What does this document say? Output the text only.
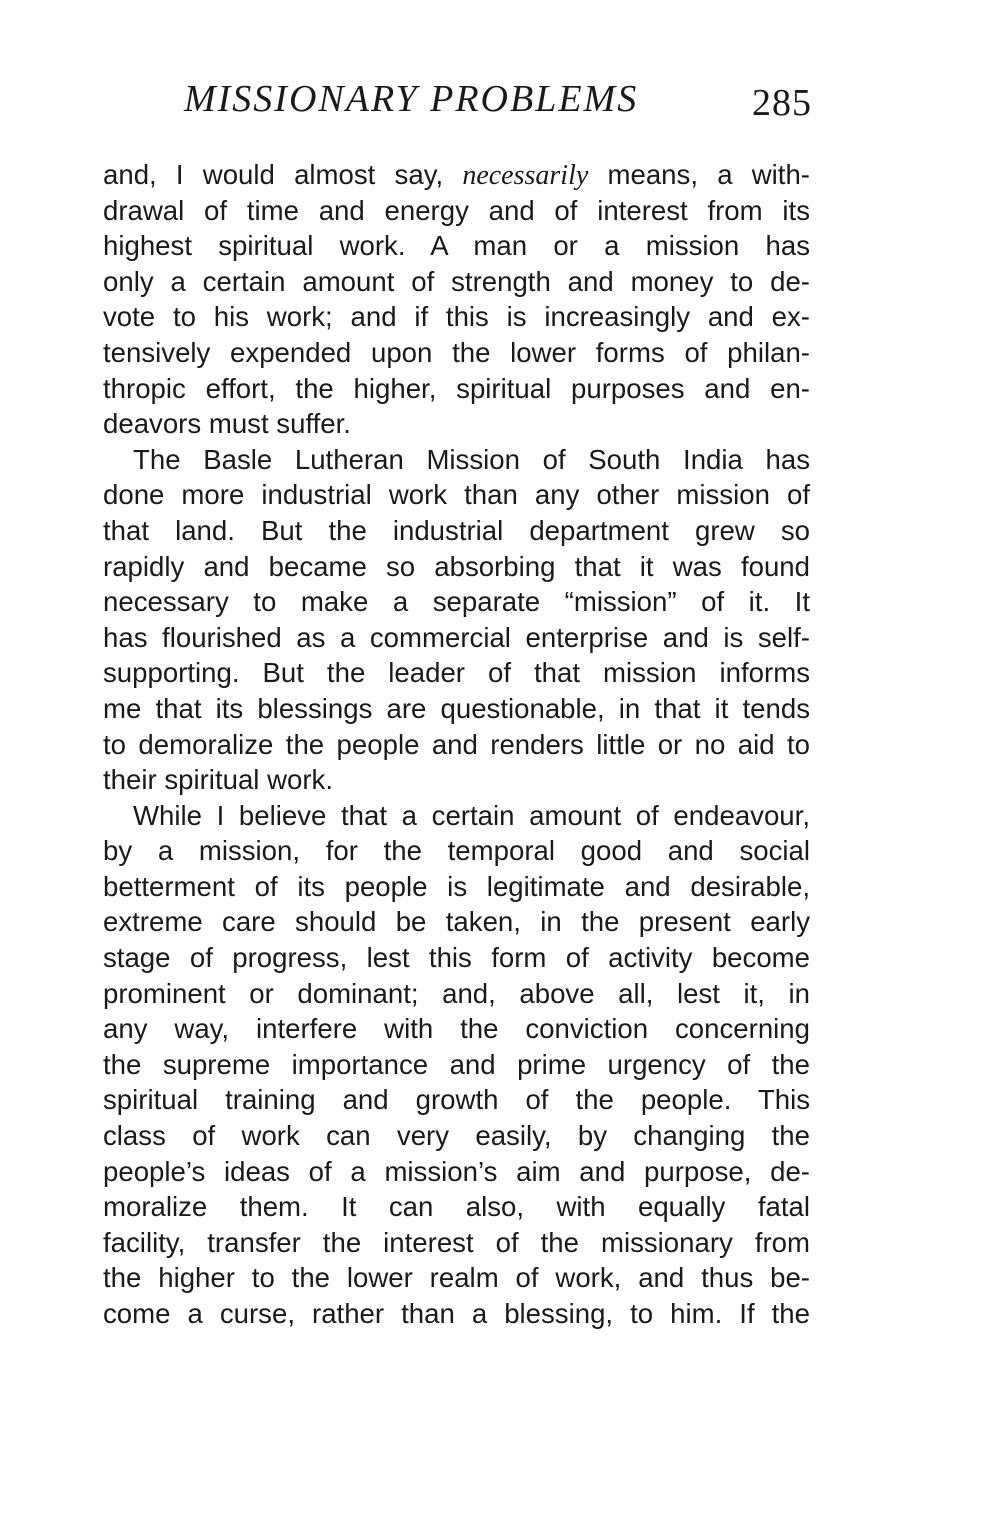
MISSIONARY PROBLEMS	285

and, I would almost say, necessarily means, a with-
drawal of time and energy and of interest from its
highest spiritual work. A man or a mission has
only a certain amount of strength and money to de-
vote to his work; and if this is increasingly and ex-
tensively expended upon the lower forms of philan-
thropic effort, the higher, spiritual purposes and en-
deavors must suffer.

The Basle Lutheran Mission of South India has
done more industrial work than any other mission of
that land. But the industrial department grew so
rapidly and became so absorbing that it was found
necessary to make a separate “mission” of it. It
has flourished as a commercial enterprise and is self-
supporting. But the leader of that mission informs
me that its blessings are questionable, in that it tends
to demoralize the people and renders little or no aid to
their spiritual work.

While I believe that a certain amount of endeavour,
by a mission, for the temporal good and social
betterment of its people is legitimate and desirable,
extreme care should be taken, in the present early
stage of progress, lest this form of activity become
prominent or dominant; and, above all, lest it, in
any way, interfere with the conviction concerning
the supreme importance and prime urgency of the
spiritual training and growth of the people. This
class of work can very easily, by changing the
people’s ideas of a mission’s aim and purpose, de-
moralize them. It can also, with equally fatal
facility, transfer the interest of the missionary from
the higher to the lower realm of work, and thus be-
come a curse, rather than a blessing, to him. If the
